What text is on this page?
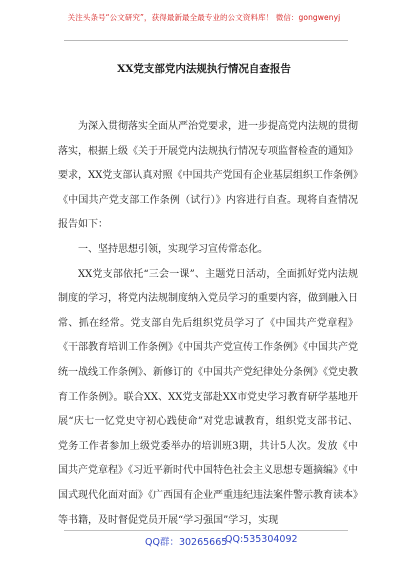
关注头条号“公文研究”，获得最新最全最专业的公文资料库！ 微信：gongwenyj
XX党支部党内法规执行情况自查报告

为深入贯彻落实全面从严治党要求，进一步提高党内法规的贯彻落实，根据上级《关于开展党内法规执行情况专项监督检查的通知》要求，XX党支部认真对照《中国共产党国有企业基层组织工作条例》《中国共产党支部工作条例（试行）》内容进行自查。现将自查情况报告如下：

一、坚持思想引领，实现学习宣传常态化。

XX党支部依托“三会一课”、主题党日活动，全面抓好党内法规制度的学习，将党内法规制度纳入党员学习的重要内容，做到融入日常、抓在经常。党支部自先后组织党员学习了《中国共产党章程》《干部教育培训工作条例》《中国共产党宣传工作条例》《中国共产党统一战线工作条例》、新修订的《中国共产党纪律处分条例》《党史教育工作条例》。联合XX、XX党支部赴XX市党史学习教育研学基地开展“庆七一忆党史守初心践使命”对党忠诚教育，组织党支部书记、党务工作者参加上级党委举办的培训班3期，共计5人次。发放《中国共产党章程》《习近平新时代中国特色社会主义思想专题摘编》《中国式现代化面对面》《广西国有企业严重违纪违法案件警示教育读本》等书籍，及时督促党员开展“学习强国”学习，实现

QQ群：30265665
QQ:535304092
